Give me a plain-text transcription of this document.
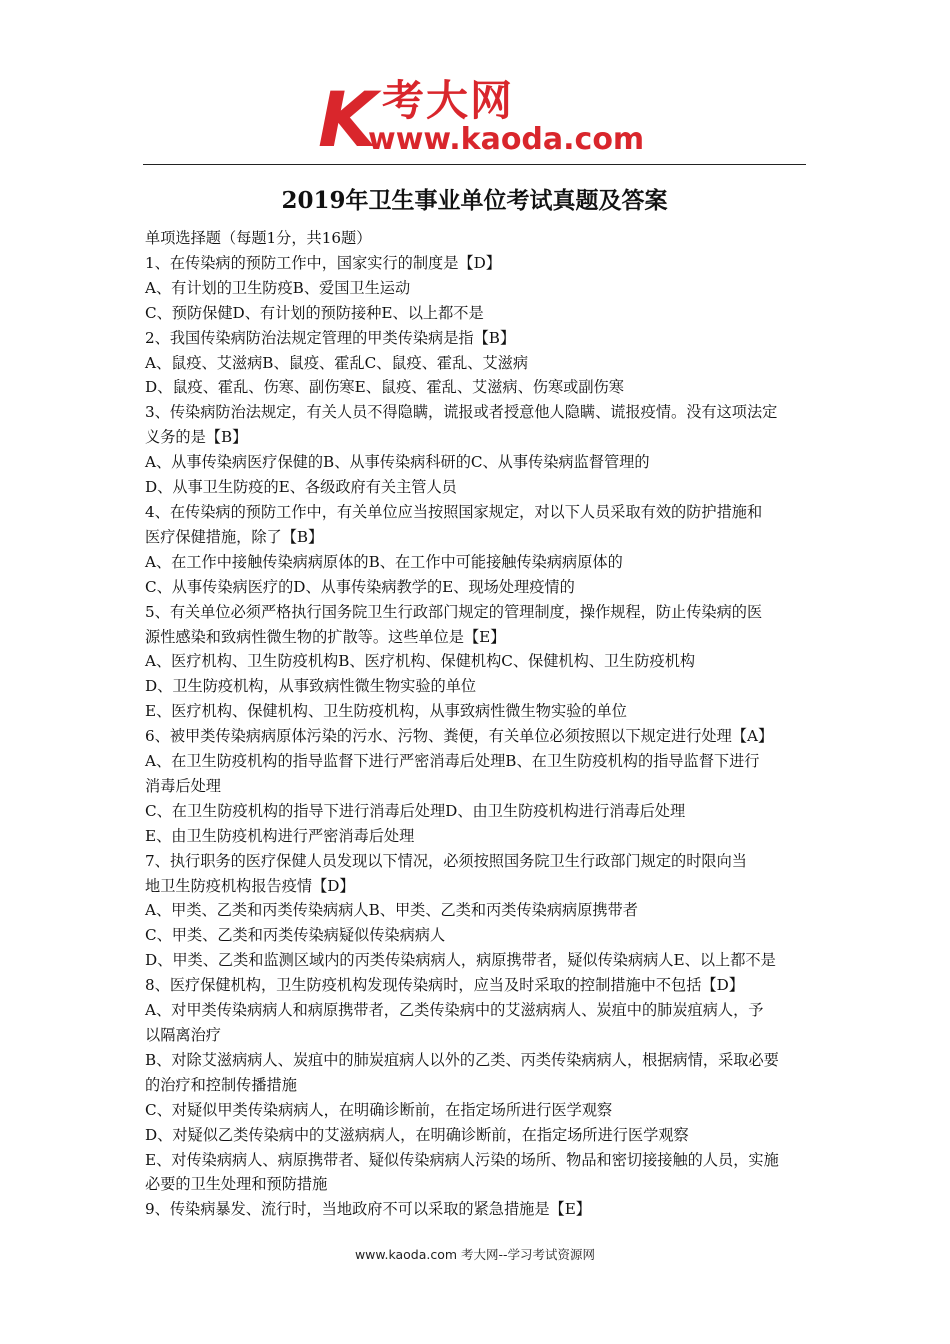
K 考大网
www.kaoda.com
2019年卫生事业单位考试真题及答案
单项选择题（每题1分，共16题）
1、在传染病的预防工作中，国家实行的制度是【D】
A、有计划的卫生防疫B、爱国卫生运动
C、预防保健D、有计划的预防接种E、以上都不是
2、我国传染病防治法规定管理的甲类传染病是指【B】
A、鼠疫、艾滋病B、鼠疫、霍乱C、鼠疫、霍乱、艾滋病
D、鼠疫、霍乱、伤寒、副伤寒E、鼠疫、霍乱、艾滋病、伤寒或副伤寒
3、传染病防治法规定，有关人员不得隐瞒，谎报或者授意他人隐瞒、谎报疫情。没有这项法定
义务的是【B】
A、从事传染病医疗保健的B、从事传染病科研的C、从事传染病监督管理的
D、从事卫生防疫的E、各级政府有关主管人员
4、在传染病的预防工作中，有关单位应当按照国家规定，对以下人员采取有效的防护措施和
医疗保健措施，除了【B】
A、在工作中接触传染病病原体的B、在工作中可能接触传染病病原体的
C、从事传染病医疗的D、从事传染病教学的E、现场处理疫情的
5、有关单位必须严格执行国务院卫生行政部门规定的管理制度，操作规程，防止传染病的医
源性感染和致病性微生物的扩散等。这些单位是【E】
A、医疗机构、卫生防疫机构B、医疗机构、保健机构C、保健机构、卫生防疫机构
D、卫生防疫机构，从事致病性微生物实验的单位
E、医疗机构、保健机构、卫生防疫机构，从事致病性微生物实验的单位
6、被甲类传染病病原体污染的污水、污物、粪便，有关单位必须按照以下规定进行处理【A】
A、在卫生防疫机构的指导监督下进行严密消毒后处理B、在卫生防疫机构的指导监督下进行
消毒后处理
C、在卫生防疫机构的指导下进行消毒后处理D、由卫生防疫机构进行消毒后处理
E、由卫生防疫机构进行严密消毒后处理
7、执行职务的医疗保健人员发现以下情况，必须按照国务院卫生行政部门规定的时限向当
地卫生防疫机构报告疫情【D】
A、甲类、乙类和丙类传染病病人B、甲类、乙类和丙类传染病病原携带者
C、甲类、乙类和丙类传染病疑似传染病病人
D、甲类、乙类和监测区域内的丙类传染病病人，病原携带者，疑似传染病病人E、以上都不是
8、医疗保健机构，卫生防疫机构发现传染病时，应当及时采取的控制措施中不包括【D】
A、对甲类传染病病人和病原携带者，乙类传染病中的艾滋病病人、炭疽中的肺炭疽病人，予
以隔离治疗
B、对除艾滋病病人、炭疽中的肺炭疽病人以外的乙类、丙类传染病病人，根据病情，采取必要
的治疗和控制传播措施
C、对疑似甲类传染病病人，在明确诊断前，在指定场所进行医学观察
D、对疑似乙类传染病中的艾滋病病人，在明确诊断前，在指定场所进行医学观察
E、对传染病病人、病原携带者、疑似传染病病人污染的场所、物品和密切接接触的人员，实施
必要的卫生处理和预防措施
9、传染病暴发、流行时，当地政府不可以采取的紧急措施是【E】
www.kaoda.com 考大网--学习考试资源网
